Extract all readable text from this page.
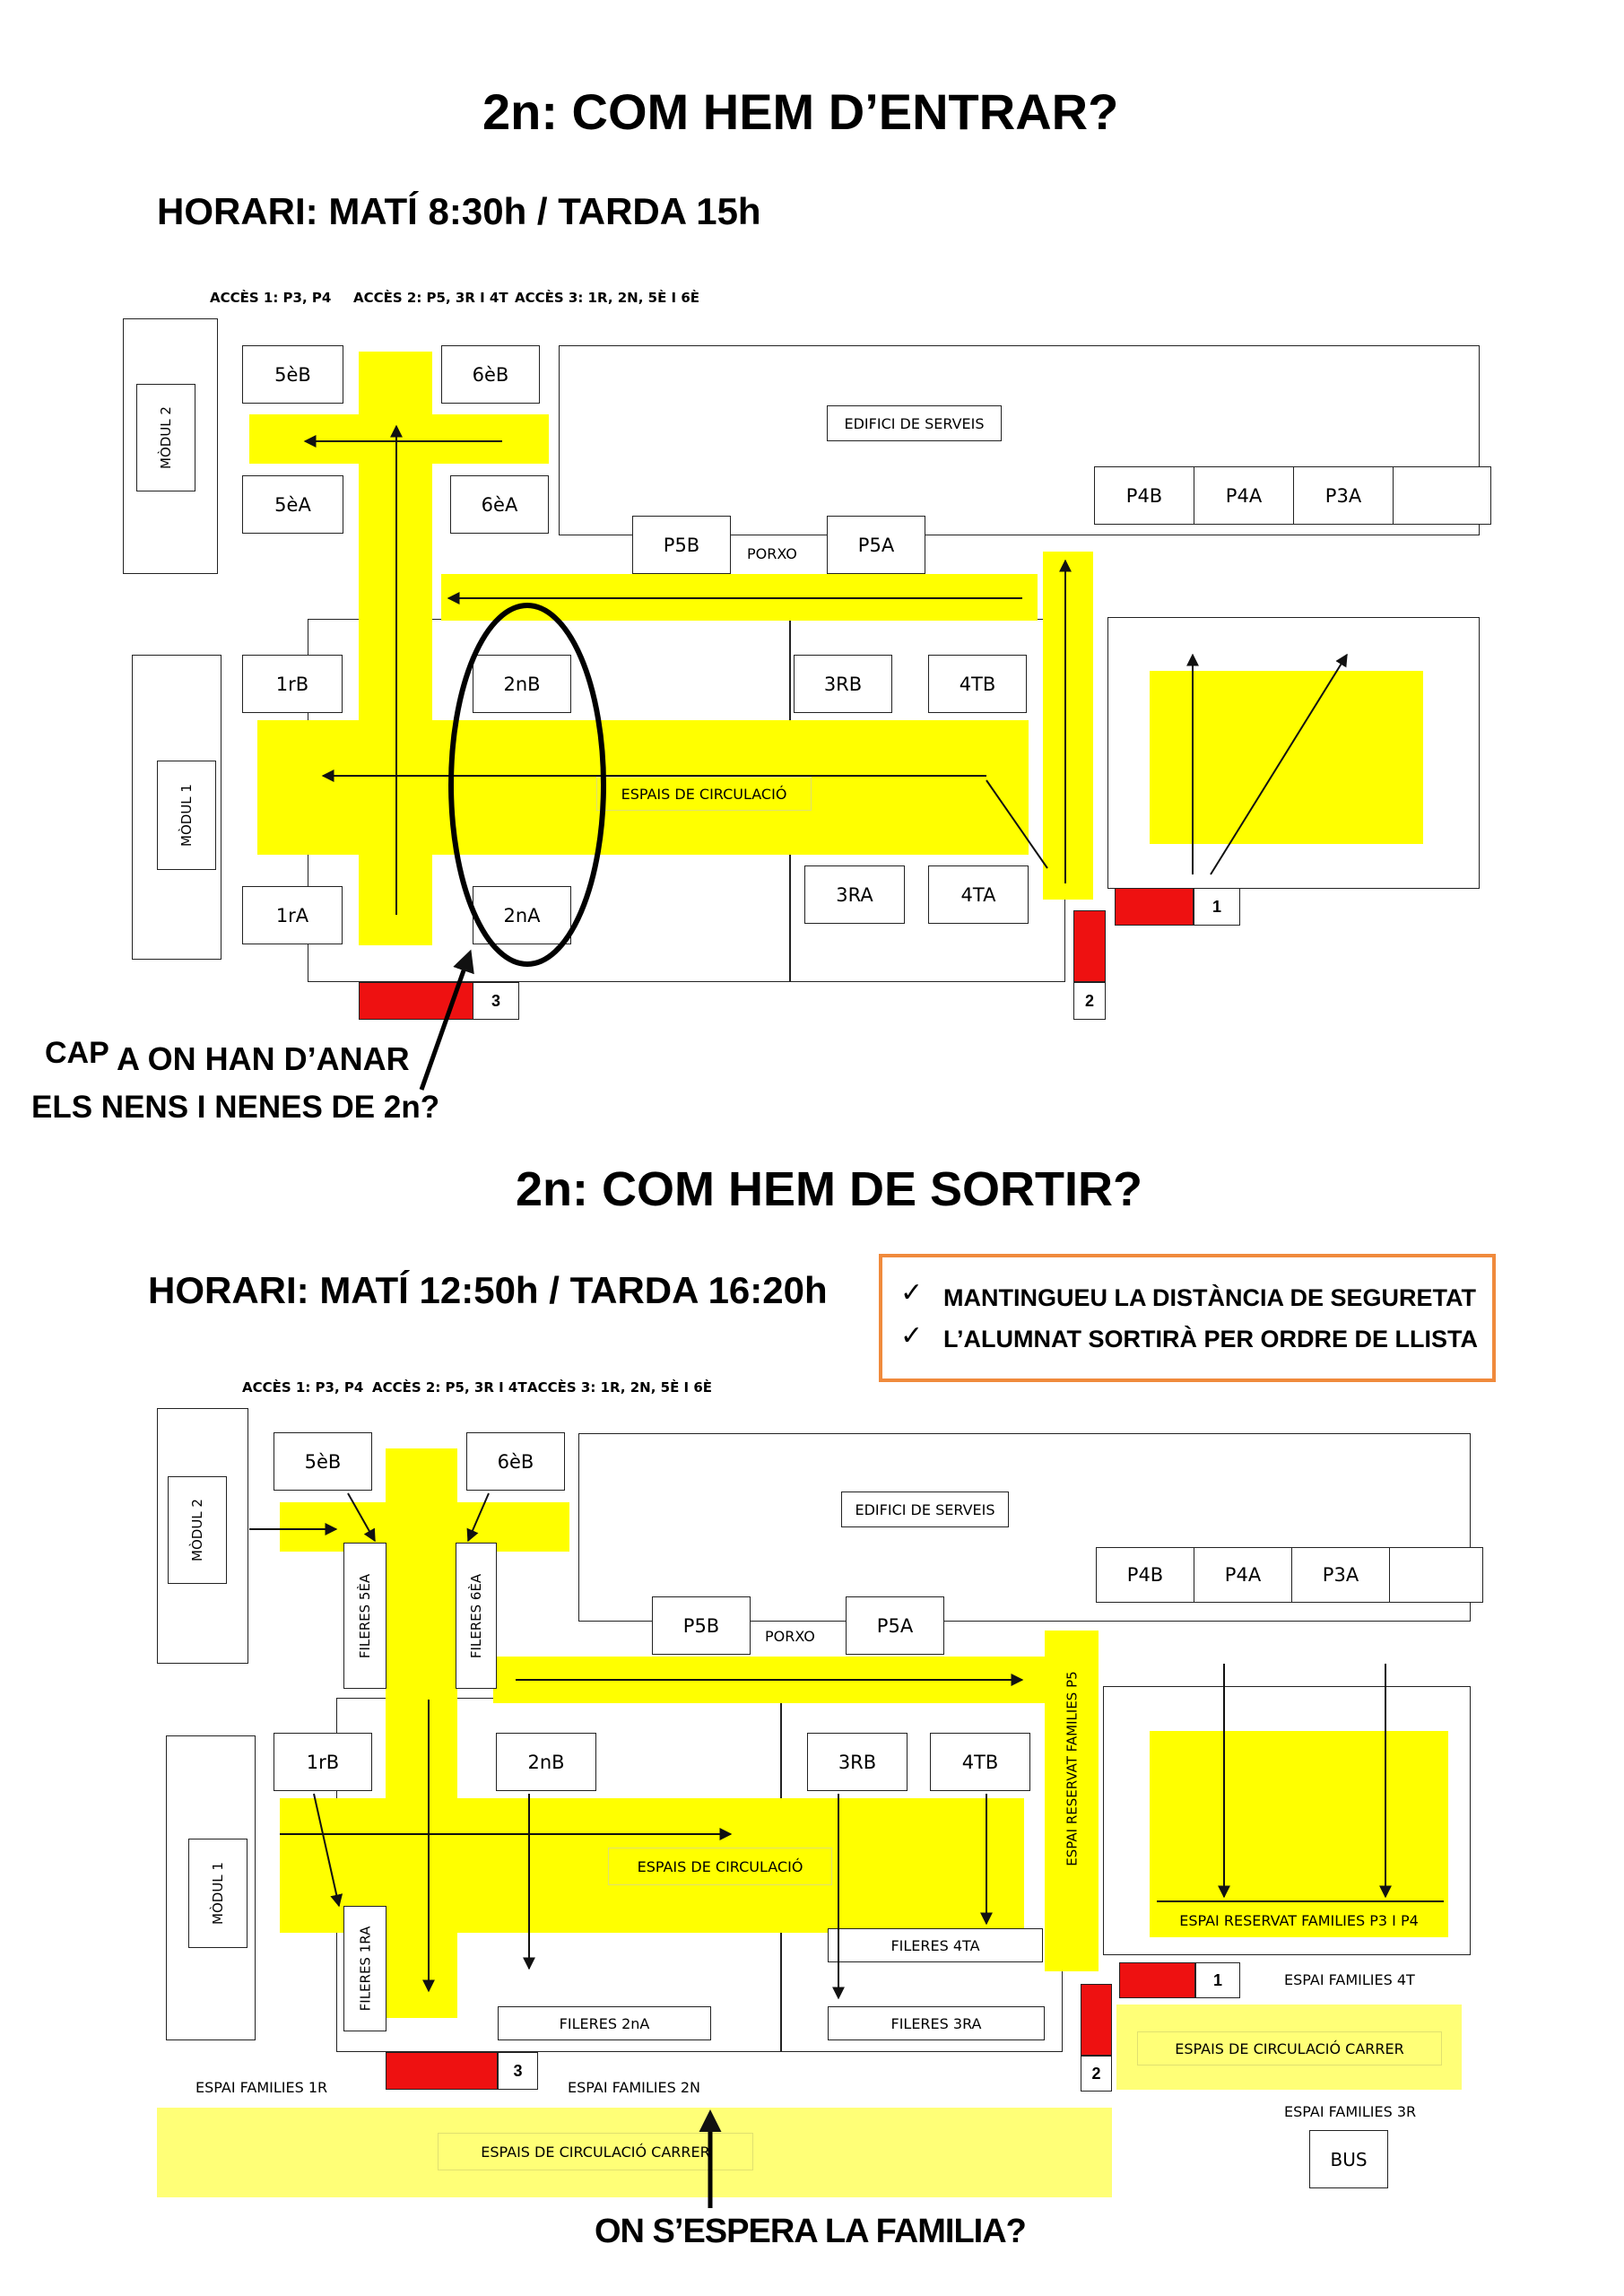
2n: COM HEM D’ENTRAR?
HORARI: MATÍ 8:30h / TARDA 15h
ACCÈS 1: P3, P4 ACCÈS 2: P5, 3R I 4T ACCÈS 3: 1R, 2N, 5È I 6È
MÒDUL 2
MÒDUL 1
5èB	6èB
5èA	6èA
P5B	P5A
PORXO
EDIFICI DE SERVEIS
P4B	P4A	P3A
1rB	2nB	3RB	4TB
1rA	2nA
3RA	4TA
ESPAIS DE CIRCULACIÓ
3	2
1
CAP A ON HAN D’ANAR
ELS NENS I NENES DE 2n?
2n: COM HEM DE SORTIR?
HORARI: MATÍ 12:50h / TARDA 16:20h	✓ MANTINGUEU LA DISTÀNCIA DE SEGURETAT
✓ L’ALUMNAT SORTIRÀ PER ORDRE DE LLISTA
ACCÈS 1: P3, P4 ACCÈS 2: P5, 3R I 4T ACCÈS 3: 1R, 2N, 5È I 6È
MÒDUL 2
MÒDUL 1
5èB	6èB
FILERES 5ÈA	FILERES 6ÈA	P5B	P5A
PORXO
EDIFICI DE SERVEIS
P4B	P4A	P3A
ESPAI RESERVAT FAMILIES P5
1rB	2nB	3RB	4TB
ESPAIS DE CIRCULACIÓ
FILERES 1RA	FILERES 4TA
FILERES 2nA	FILERES 3RA
ESPAI RESERVAT FAMILIES P3 I P4
3	2
1
ESPAI FAMILIES 1R	ESPAI FAMILIES 2N
ESPAI FAMILIES 4T
ESPAIS DE CIRCULACIÓ CARRER
ESPAI FAMILIES 3R
ESPAIS DE CIRCULACIÓ CARRER	BUS
ON S’ESPERA LA FAMILIA?
